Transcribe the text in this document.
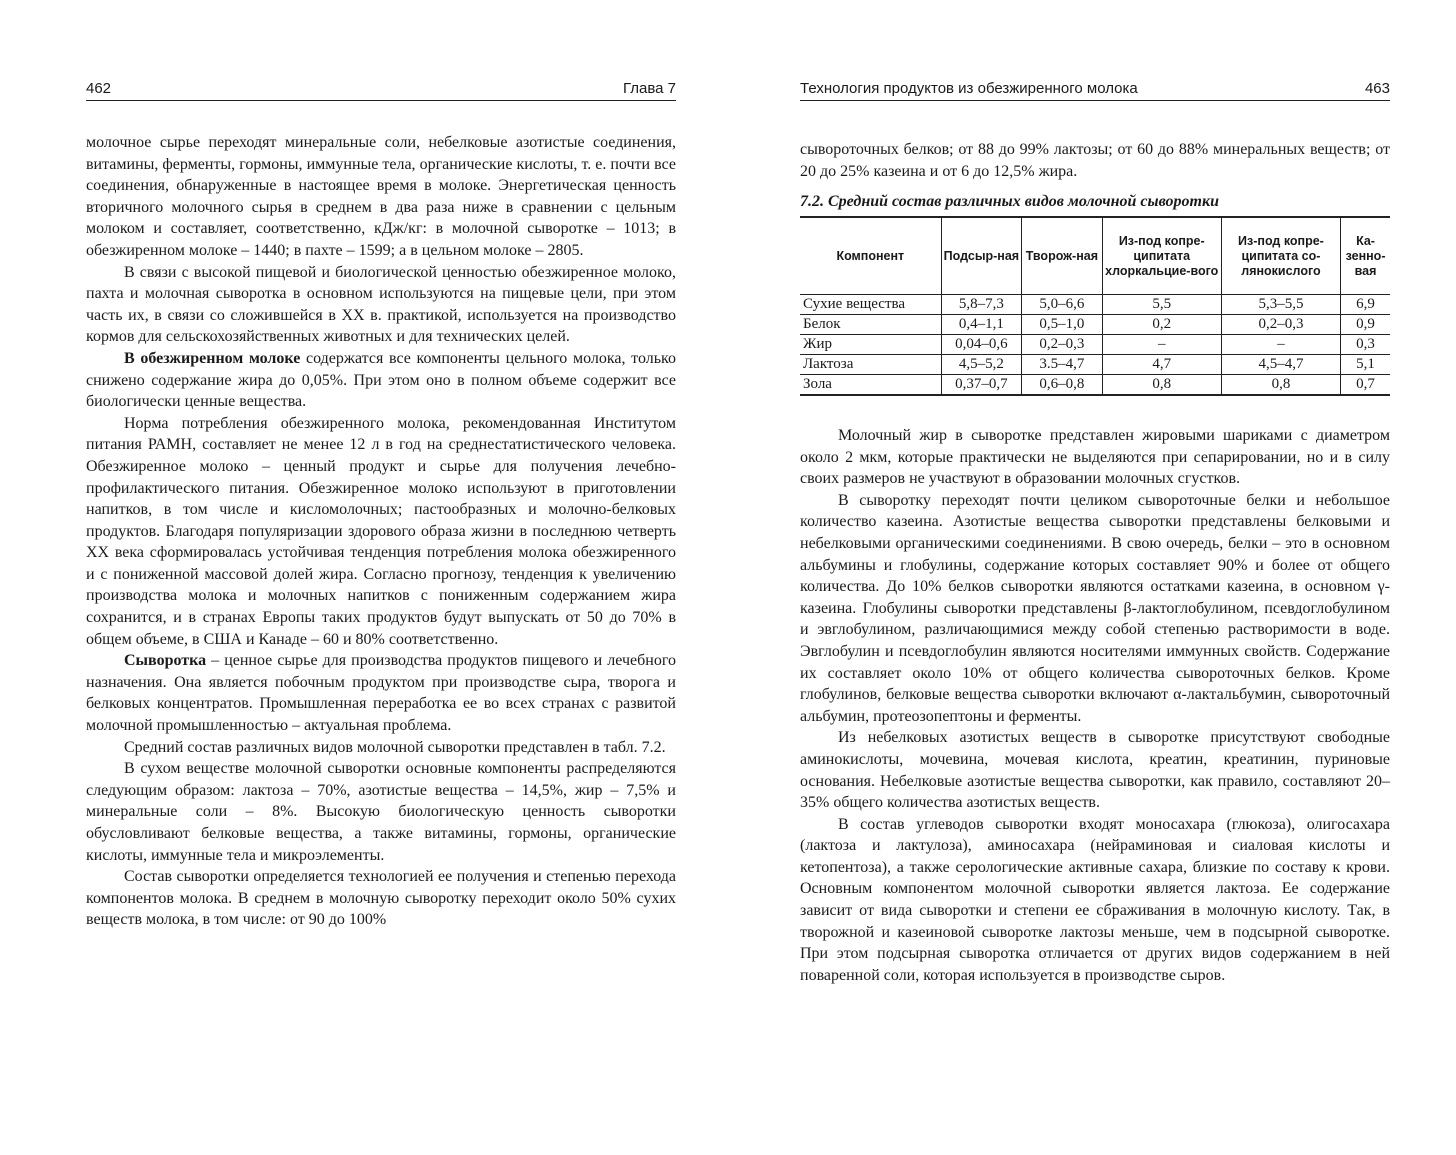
462	Глава 7

молочное сырье переходят минеральные соли, небелковые азотистые соединения, витамины, ферменты, гормоны, иммунные тела, органические кислоты, т. е. почти все соединения, обнаруженные в настоящее время в молоке. Энергетическая ценность вторичного молочного сырья в среднем в два раза ниже в сравнении с цельным молоком и составляет, соответственно, кДж/кг: в молочной сыворотке – 1013; в обезжиренном молоке – 1440; в пахте – 1599; а в цельном молоке – 2805.

В связи с высокой пищевой и биологической ценностью обезжиренное молоко, пахта и молочная сыворотка в основном используются на пищевые цели, при этом часть их, в связи со сложившейся в XX в. практикой, используется на производство кормов для сельскохозяйственных животных и для технических целей.

В обезжиренном молоке содержатся все компоненты цельного молока, только снижено содержание жира до 0,05%. При этом оно в полном объеме содержит все биологически ценные вещества.

Норма потребления обезжиренного молока, рекомендованная Институтом питания РАМН, составляет не менее 12 л в год на среднестатистического человека. Обезжиренное молоко – ценный продукт и сырье для получения лечебно-профилактического питания. Обезжиренное молоко используют в приготовлении напитков, в том числе и кисломолочных; пастообразных и молочно-белковых продуктов. Благодаря популяризации здорового образа жизни в последнюю четверть XX века сформировалась устойчивая тенденция потребления молока обезжиренного и с пониженной массовой долей жира. Согласно прогнозу, тенденция к увеличению производства молока и молочных напитков с пониженным содержанием жира сохранится, и в странах Европы таких продуктов будут выпускать от 50 до 70% в общем объеме, в США и Канаде – 60 и 80% соответственно.

Сыворотка – ценное сырье для производства продуктов пищевого и лечебного назначения. Она является побочным продуктом при производстве сыра, творога и белковых концентратов. Промышленная переработка ее во всех странах с развитой молочной промышленностью – актуальная проблема.

Средний состав различных видов молочной сыворотки представлен в табл. 7.2.

В сухом веществе молочной сыворотки основные компоненты распределяются следующим образом: лактоза – 70%, азотистые вещества – 14,5%, жир – 7,5% и минеральные соли – 8%. Высокую биологическую ценность сыворотки обусловливают белковые вещества, а также витамины, гормоны, органические кислоты, иммунные тела и микроэлементы.

Состав сыворотки определяется технологией ее получения и степенью перехода компонентов молока. В среднем в молочную сыворотку переходит около 50% сухих веществ молока, в том числе: от 90 до 100%

Технология продуктов из обезжиренного молока	463

сывороточных белков; от 88 до 99% лактозы; от 60 до 88% минеральных веществ; от 20 до 25% казеина и от 6 до 12,5% жира.

7.2. Средний состав различных видов молочной сыворотки
Компонент	Подсыр-ная	Творож-ная	Из-под копре-ципитата хлоркальцие-вого	Из-под копре-ципитата со-лянокислого	Ка-зенно-вая
Сухие вещества	5,8–7,3	5,0–6,6	5,5	5,3–5,5	6,9
Белок	0,4–1,1	0,5–1,0	0,2	0,2–0,3	0,9
Жир	0,04–0,6	0,2–0,3	–	–	0,3
Лактоза	4,5–5,2	3.5–4,7	4,7	4,5–4,7	5,1
Зола	0,37–0,7	0,6–0,8	0,8	0,8	0,7

Молочный жир в сыворотке представлен жировыми шариками с диаметром около 2 мкм, которые практически не выделяются при сепарировании, но и в силу своих размеров не участвуют в образовании молочных сгустков.

В сыворотку переходят почти целиком сывороточные белки и небольшое количество казеина. Азотистые вещества сыворотки представлены белковыми и небелковыми органическими соединениями. В свою очередь, белки – это в основном альбумины и глобулины, содержание которых составляет 90% и более от общего количества. До 10% белков сыворотки являются остатками казеина, в основном γ-казеина. Глобулины сыворотки представлены β-лактоглобулином, псевдоглобулином и эвглобулином, различающимися между собой степенью растворимости в воде. Эвглобулин и псевдоглобулин являются носителями иммунных свойств. Содержание их составляет около 10% от общего количества сывороточных белков. Кроме глобулинов, белковые вещества сыворотки включают α-лактальбумин, сывороточный альбумин, протеозопептоны и ферменты.

Из небелковых азотистых веществ в сыворотке присутствуют свободные аминокислоты, мочевина, мочевая кислота, креатин, креатинин, пуриновые основания. Небелковые азотистые вещества сыворотки, как правило, составляют 20–35% общего количества азотистых веществ.

В состав углеводов сыворотки входят моносахара (глюкоза), олигосахара (лактоза и лактулоза), аминосахара (нейраминовая и сиаловая кислоты и кетопентоза), а также серологические активные сахара, близкие по составу к крови. Основным компонентом молочной сыворотки является лактоза. Ее содержание зависит от вида сыворотки и степени ее сбраживания в молочную кислоту. Так, в творожной и казеиновой сыворотке лактозы меньше, чем в подсырной сыворотке. При этом подсырная сыворотка отличается от других видов содержанием в ней поваренной соли, которая используется в производстве сыров.
